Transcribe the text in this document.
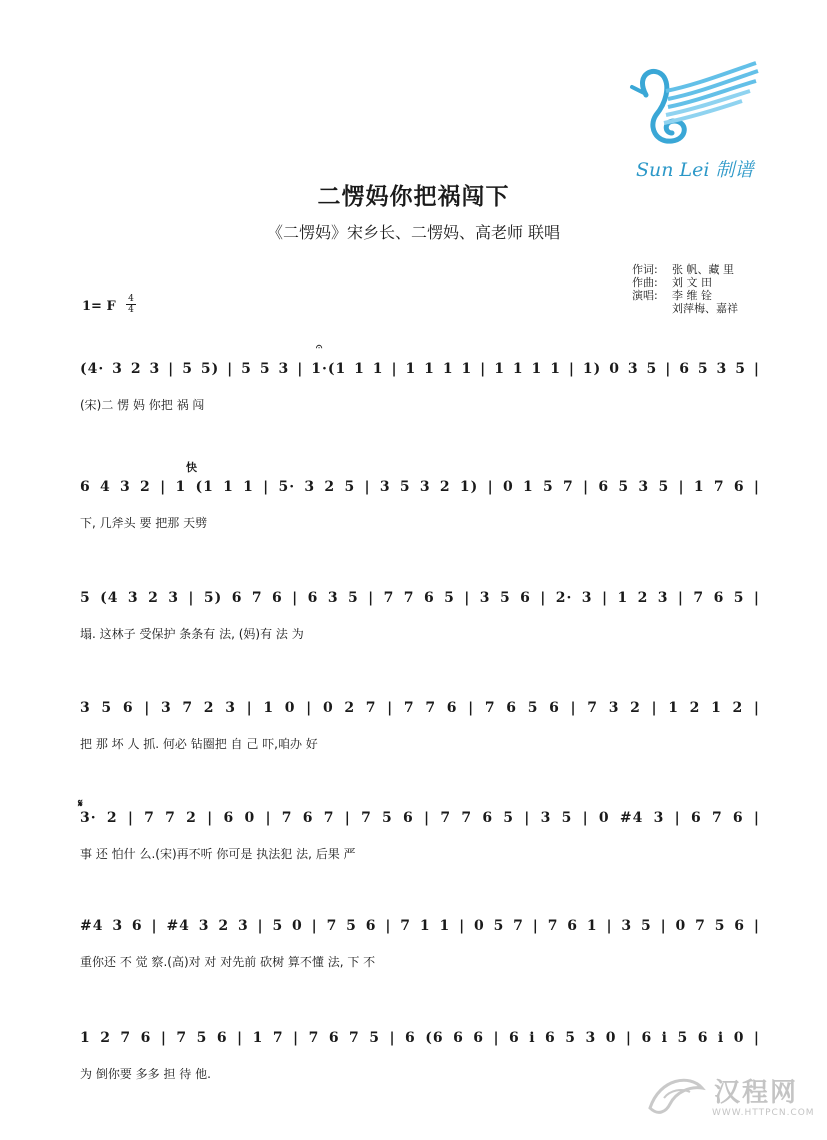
Sun Lei 制谱
二愣妈你把祸闯下
《二愣妈》宋乡长、二愣妈、高老师 联唱
作词: 张 帆、藏 里
作曲: 刘 文 田
演唱: 李 维 铨
刘萍梅、嘉祥
1= F	4
4
𝄐
(4· 3 2 3 | 5 5) | 5 5 3 | 1·(1 1 1 | 1 1 1 1 | 1 1 1 1 | 1) 0 3 5 | 6 5 3 5 |
(宋)二 愣 妈 你把 祸 闯
快
6 4 3 2 | 1 (1 1 1 | 5· 3 2 5 | 3 5 3 2 1) | 0 1 5 7 | 6 5 3 5 | 1 7 6 |
下, 几斧头 要 把那 天劈
5 (4 3 2 3 | 5) 6 7 6 | 6 3 5 | 7 7 6 5 | 3 5 6 | 2· 3 | 1 2 3 | 7 6 5 |
塌. 这林子 受保护 条条有 法, (妈)有 法 为
3 5 6 | 3 7 2 3 | 1 0 | 0 2 7 | 7 7 6 | 7 6 5 6 | 7 3 2 | 1 2 1 2 |
把 那 坏 人 抓. 何必 钻圈把 自 己 吓,咱办 好
𝄋
3· 2 | 7 7 2 | 6 0 | 7 6 7 | 7 5 6 | 7 7 6 5 | 3 5 | 0 #4 3 | 6 7 6 |
事 还 怕什 么.(宋)再不听 你可是 执法犯 法, 后果 严
#4 3 6 | #4 3 2 3 | 5 0 | 7 5 6 | 7 1 1 | 0 5 7 | 7 6 1 | 3 5 | 0 7 5 6 |
重你还 不 觉 察.(高)对 对 对先前 砍树 算不懂 法, 下 不
1 2 7 6 | 7 5 6 | 1 7 | 7 6 7 5 | 6 (6 6 6 | 6 i 6 5 3 0 | 6 i 5 6 i 0 |
为 倒你要 多多 担 待 他.
汉程网
WWW.HTTPCN.COM
